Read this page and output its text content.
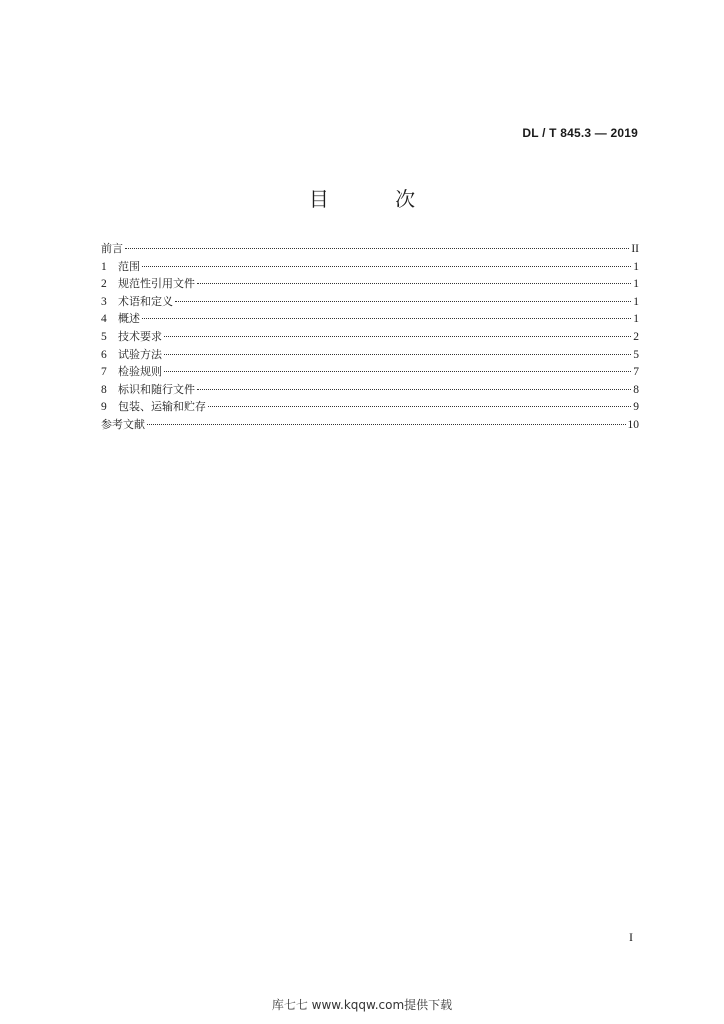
DL / T 845.3 — 2019
目 次
前言	II
1	范围	1
2	规范性引用文件	1
3	术语和定义	1
4	概述	1
5	技术要求	2
6	试验方法	5
7	检验规则	7
8	标识和随行文件	8
9	包装、运输和贮存	9
参考文献	10
I
库七七 www.kqqw.com提供下载
